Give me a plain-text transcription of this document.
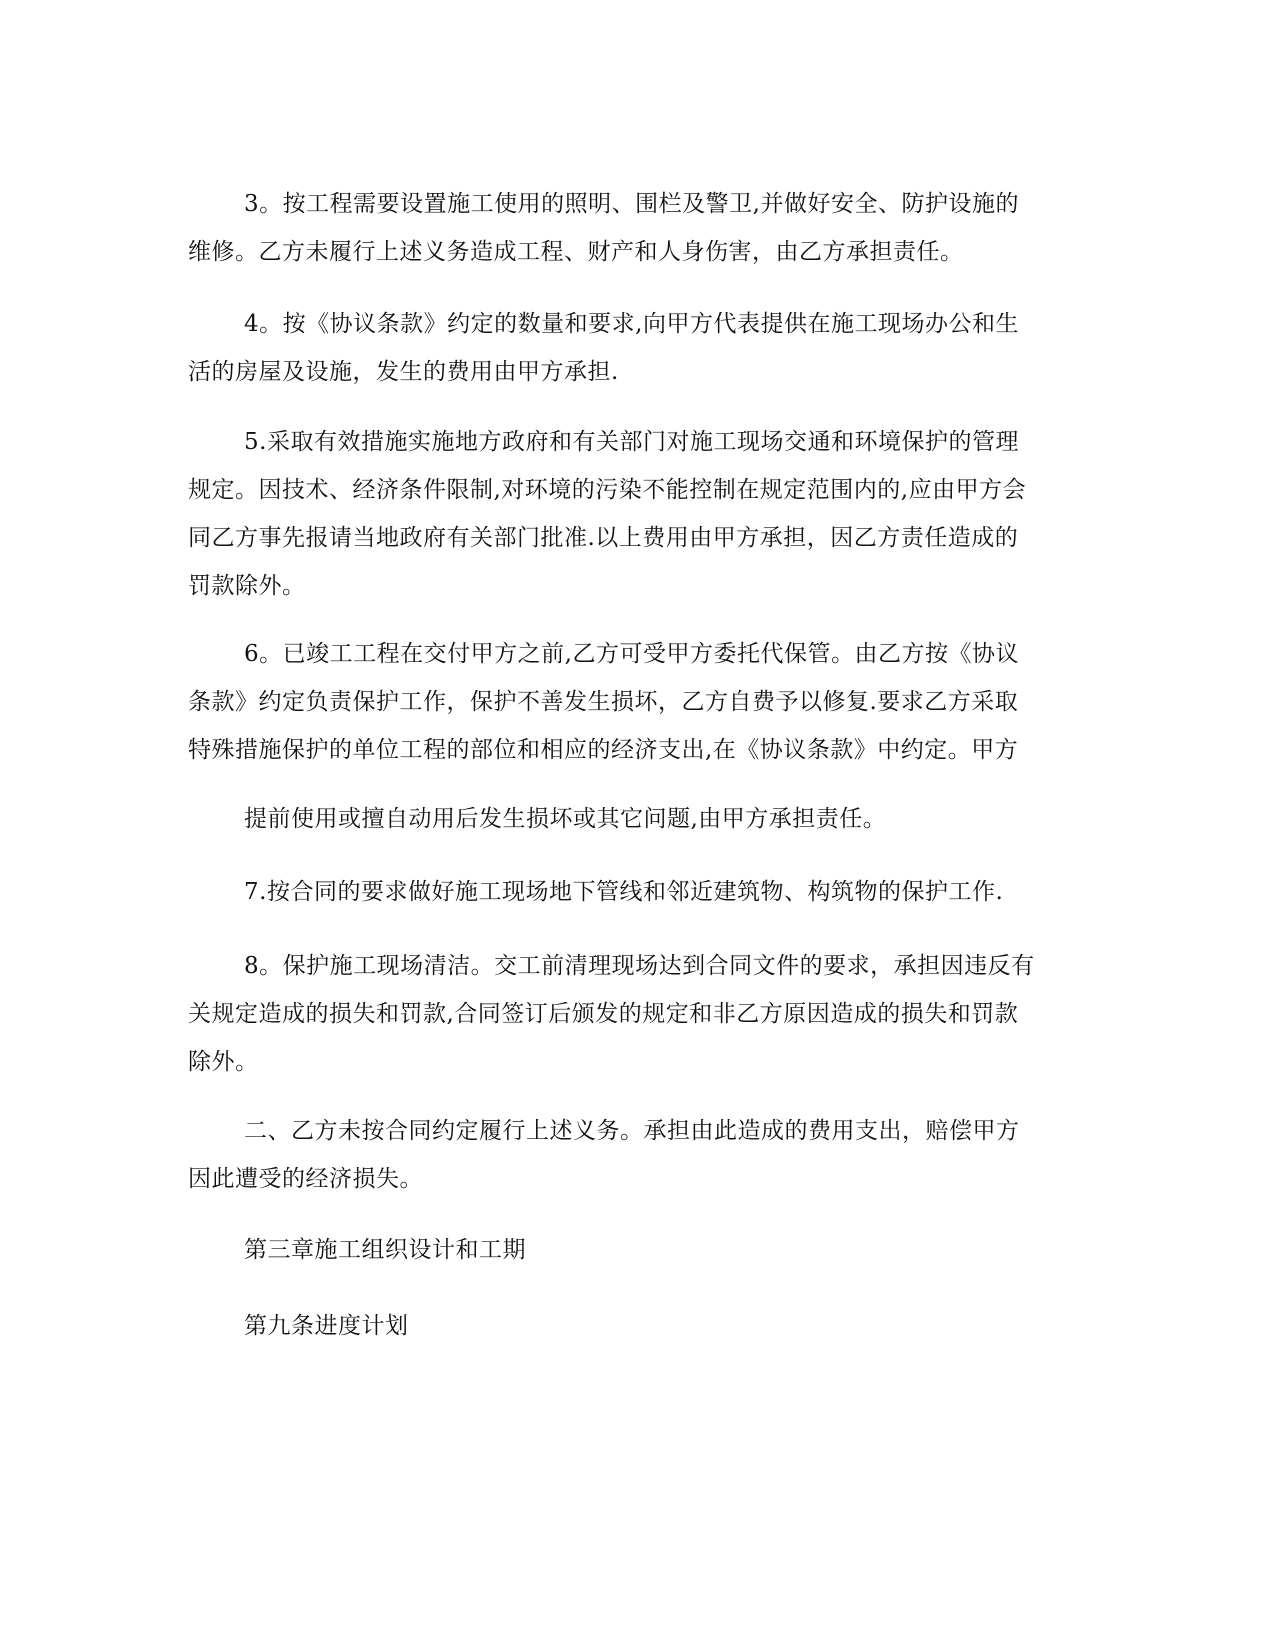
3。按工程需要设置施工使用的照明、围栏及警卫,并做好安全、防护设施的
维修。乙方未履行上述义务造成工程、财产和人身伤害，由乙方承担责任。
4。按《协议条款》约定的数量和要求,向甲方代表提供在施工现场办公和生
活的房屋及设施，发生的费用由甲方承担.
5.采取有效措施实施地方政府和有关部门对施工现场交通和环境保护的管理
规定。因技术、经济条件限制,对环境的污染不能控制在规定范围内的,应由甲方会
同乙方事先报请当地政府有关部门批准.以上费用由甲方承担，因乙方责任造成的
罚款除外。
6。已竣工工程在交付甲方之前,乙方可受甲方委托代保管。由乙方按《协议
条款》约定负责保护工作，保护不善发生损坏，乙方自费予以修复.要求乙方采取
特殊措施保护的单位工程的部位和相应的经济支出,在《协议条款》中约定。甲方
提前使用或擅自动用后发生损坏或其它问题,由甲方承担责任。
7.按合同的要求做好施工现场地下管线和邻近建筑物、构筑物的保护工作.
8。保护施工现场清洁。交工前清理现场达到合同文件的要求，承担因违反有
关规定造成的损失和罚款,合同签订后颁发的规定和非乙方原因造成的损失和罚款
除外。
二、乙方未按合同约定履行上述义务。承担由此造成的费用支出，赔偿甲方
因此遭受的经济损失。
第三章施工组织设计和工期
第九条进度计划
